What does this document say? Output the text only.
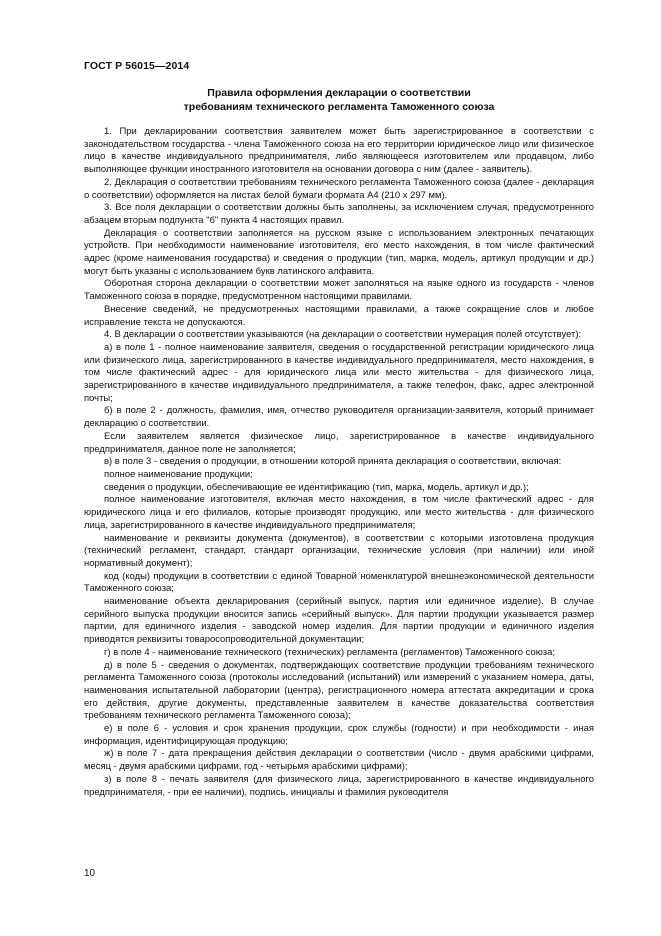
ГОСТ Р 56015—2014
Правила оформления декларации о соответствии
требованиям технического регламента Таможенного союза

1. При декларировании соответствия заявителем может быть зарегистрированное в соответствии с законодательством государства - члена Таможенного союза на его территории юридическое лицо или физическое лицо в качестве индивидуального предпринимателя, либо являющееся изготовителем или продавцом, либо выполняющее функции иностранного изготовителя на основании договора с ним (далее - заявитель).

2. Декларация о соответствии требованиям технического регламента Таможенного союза (далее - декларация о соответствии) оформляется на листах белой бумаги формата А4 (210 х 297 мм).

3. Все поля декларации о соответствии должны быть заполнены, за исключением случая, предусмотренного абзацем вторым подпункта "б" пункта 4 настоящих правил.

Декларация о соответствии заполняется на русском языке с использованием электронных печатающих устройств. При необходимости наименование изготовителя, его место нахождения, в том числе фактический адрес (кроме наименования государства) и сведения о продукции (тип, марка, модель, артикул продукции и др.) могут быть указаны с использованием букв латинского алфавита.

Оборотная сторона декларации о соответствии может заполняться на языке одного из государств - членов Таможенного союза в порядке, предусмотренном настоящими правилами.

Внесение сведений, не предусмотренных настоящими правилами, а также сокращение слов и любое исправление текста не допускаются.

4. В декларации о соответствии указываются (на декларации о соответствии нумерация полей отсутствует):

а) в поле 1 - полное наименование заявителя, сведения о государственной регистрации юридического лица или физического лица, зарегистрированного в качестве индивидуального предпринимателя, место нахождения, в том числе фактический адрес - для юридического лица или место жительства - для физического лица, зарегистрированного в качестве индивидуального предпринимателя, а также телефон, факс, адрес электронной почты;

б) в поле 2 - должность, фамилия, имя, отчество руководителя организации-заявителя, который принимает декларацию о соответствии.

Если заявителем является физическое лицо, зарегистрированное в качестве индивидуального предпринимателя, данное поле не заполняется;

в) в поле 3 - сведения о продукции, в отношении которой принята декларация о соответствии, включая:

полное наименование продукции;

сведения о продукции, обеспечивающие ее идентификацию (тип, марка, модель, артикул и др.);

полное наименование изготовителя, включая место нахождения, в том числе фактический адрес - для юридического лица и его филиалов, которые производят продукцию, или место жительства - для физического лица, зарегистрированного в качестве индивидуального предпринимателя;

наименование и реквизиты документа (документов), в соответствии с которыми изготовлена продукция (технический регламент, стандарт, стандарт организации, технические условия (при наличии) или иной нормативный документ);

код (коды) продукции в соответствии с единой Товарной номенклатурой внешнеэкономической деятельности Таможенного союза;

наименование объекта декларирования (серийный выпуск, партия или единичное изделие). В случае серийного выпуска продукции вносится запись «серийный выпуск». Для партии продукции указывается размер партии, для единичного изделия - заводской номер изделия. Для партии продукции и единичного изделия приводятся реквизиты товаросопроводительной документации;

г) в поле 4 - наименование технического (технических) регламента (регламентов) Таможенного союза;

д) в поле 5 - сведения о документах, подтверждающих соответствие продукции требованиям технического регламента Таможенного союза (протоколы исследований (испытаний) или измерений с указанием номера, даты, наименования испытательной лаборатории (центра), регистрационного номера аттестата аккредитации и срока его действия, другие документы, представленные заявителем в качестве доказательства соответствия требованиям технического регламента Таможенного союза);

е) в поле 6 - условия и срок хранения продукции, срок службы (годности) и при необходимости - иная информация, идентифицирующая продукцию;

ж) в поле 7 - дата прекращения действия декларации о соответствии (число - двумя арабскими цифрами, месяц - двумя арабскими цифрами, год - четырьмя арабскими цифрами);

з) в поле 8 - печать заявителя (для физического лица, зарегистрированного в качестве индивидуального предпринимателя, - при ее наличии), подпись, инициалы и фамилия руководителя

10
